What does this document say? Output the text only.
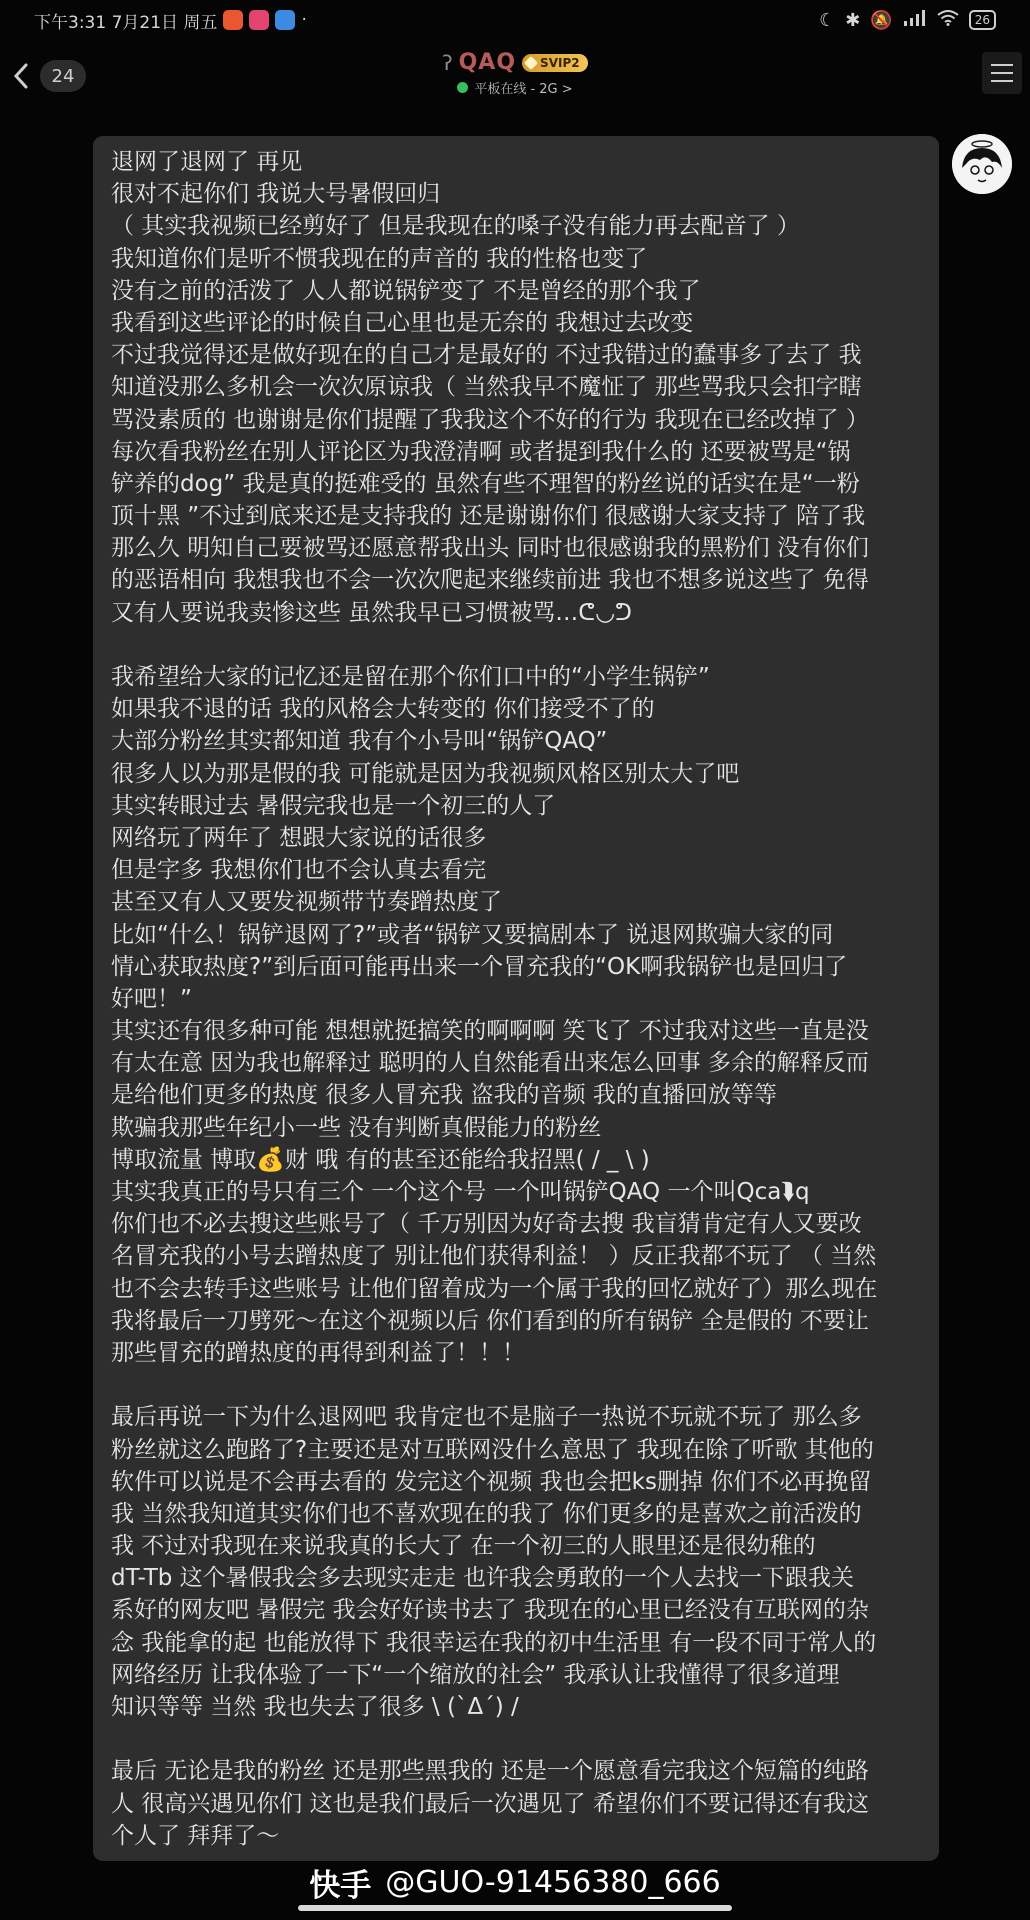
下午3:31 7月21日 周五	·	☾ ✱ 🔕	26
24
ʔ QAQ	SVIP2
平板在线 - 2G >
退网了退网了 再见
很对不起你们 我说大号暑假回归
（ 其实我视频已经剪好了 但是我现在的嗓子没有能力再去配音了 ）
我知道你们是听不惯我现在的声音的 我的性格也变了
没有之前的活泼了 人人都说锅铲变了 不是曾经的那个我了
我看到这些评论的时候自己心里也是无奈的 我想过去改变
不过我觉得还是做好现在的自己才是最好的 不过我错过的蠢事多了去了 我
知道没那么多机会一次次原谅我（ 当然我早不魔怔了 那些骂我只会扣字瞎
骂没素质的 也谢谢是你们提醒了我我这个不好的行为 我现在已经改掉了 ）
每次看我粉丝在别人评论区为我澄清啊 或者提到我什么的 还要被骂是“锅
铲养的dog” 我是真的挺难受的 虽然有些不理智的粉丝说的话实在是“一粉
顶十黑 ”不过到底来还是支持我的 还是谢谢你们 很感谢大家支持了 陪了我
那么久 明知自己要被骂还愿意帮我出头 同时也很感谢我的黑粉们 没有你们
的恶语相向 我想我也不会一次次爬起来继续前进 我也不想多说这些了 免得
又有人要说我卖惨这些 虽然我早已习惯被骂…ᕦ◡ᕤ
我希望给大家的记忆还是留在那个你们口中的“小学生锅铲”
如果我不退的话 我的风格会大转变的 你们接受不了的
大部分粉丝其实都知道 我有个小号叫“锅铲QAQ”
很多人以为那是假的我 可能就是因为我视频风格区别太大了吧
其实转眼过去 暑假完我也是一个初三的人了
网络玩了两年了 想跟大家说的话很多
但是字多 我想你们也不会认真去看完
甚至又有人又要发视频带节奏蹭热度了
比如“什么！锅铲退网了?”或者“锅铲又要搞剧本了 说退网欺骗大家的同
情心获取热度?”到后面可能再出来一个冒充我的“OK啊我锅铲也是回归了
好吧！”
其实还有很多种可能 想想就挺搞笑的啊啊啊 笑飞了 不过我对这些一直是没
有太在意 因为我也解释过 聪明的人自然能看出来怎么回事 多余的解释反而
是给他们更多的热度 很多人冒充我 盗我的音频 我的直播回放等等
欺骗我那些年纪小一些 没有判断真假能力的粉丝
博取流量 博取💰财 哦 有的甚至还能给我招黑( / _ \ )
其实我真正的号只有三个 一个这个号 一个叫锅铲QAQ 一个叫Qca⮯q
你们也不必去搜这些账号了（ 千万别因为好奇去搜 我盲猜肯定有人又要改
名冒充我的小号去蹭热度了 别让他们获得利益！ ）反正我都不玩了 （ 当然
也不会去转手这些账号 让他们留着成为一个属于我的回忆就好了）那么现在
我将最后一刀劈死～在这个视频以后 你们看到的所有锅铲 全是假的 不要让
那些冒充的蹭热度的再得到利益了！！！
最后再说一下为什么退网吧 我肯定也不是脑子一热说不玩就不玩了 那么多
粉丝就这么跑路了?主要还是对互联网没什么意思了 我现在除了听歌 其他的
软件可以说是不会再去看的 发完这个视频 我也会把ks删掉 你们不必再挽留
我 当然我知道其实你们也不喜欢现在的我了 你们更多的是喜欢之前活泼的
我 不过对我现在来说我真的长大了 在一个初三的人眼里还是很幼稚的
dT-Tb 这个暑假我会多去现实走走 也许我会勇敢的一个人去找一下跟我关
系好的网友吧 暑假完 我会好好读书去了 我现在的心里已经没有互联网的杂
念 我能拿的起 也能放得下 我很幸运在我的初中生活里 有一段不同于常人的
网络经历 让我体验了一下“一个缩放的社会” 我承认让我懂得了很多道理
知识等等 当然 我也失去了很多 \ (`Δ´) /
最后 无论是我的粉丝 还是那些黑我的 还是一个愿意看完我这个短篇的纯路
人 很高兴遇见你们 这也是我们最后一次遇见了 希望你们不要记得还有我这
个人了 拜拜了～
快手 @GUO-91456380_666
